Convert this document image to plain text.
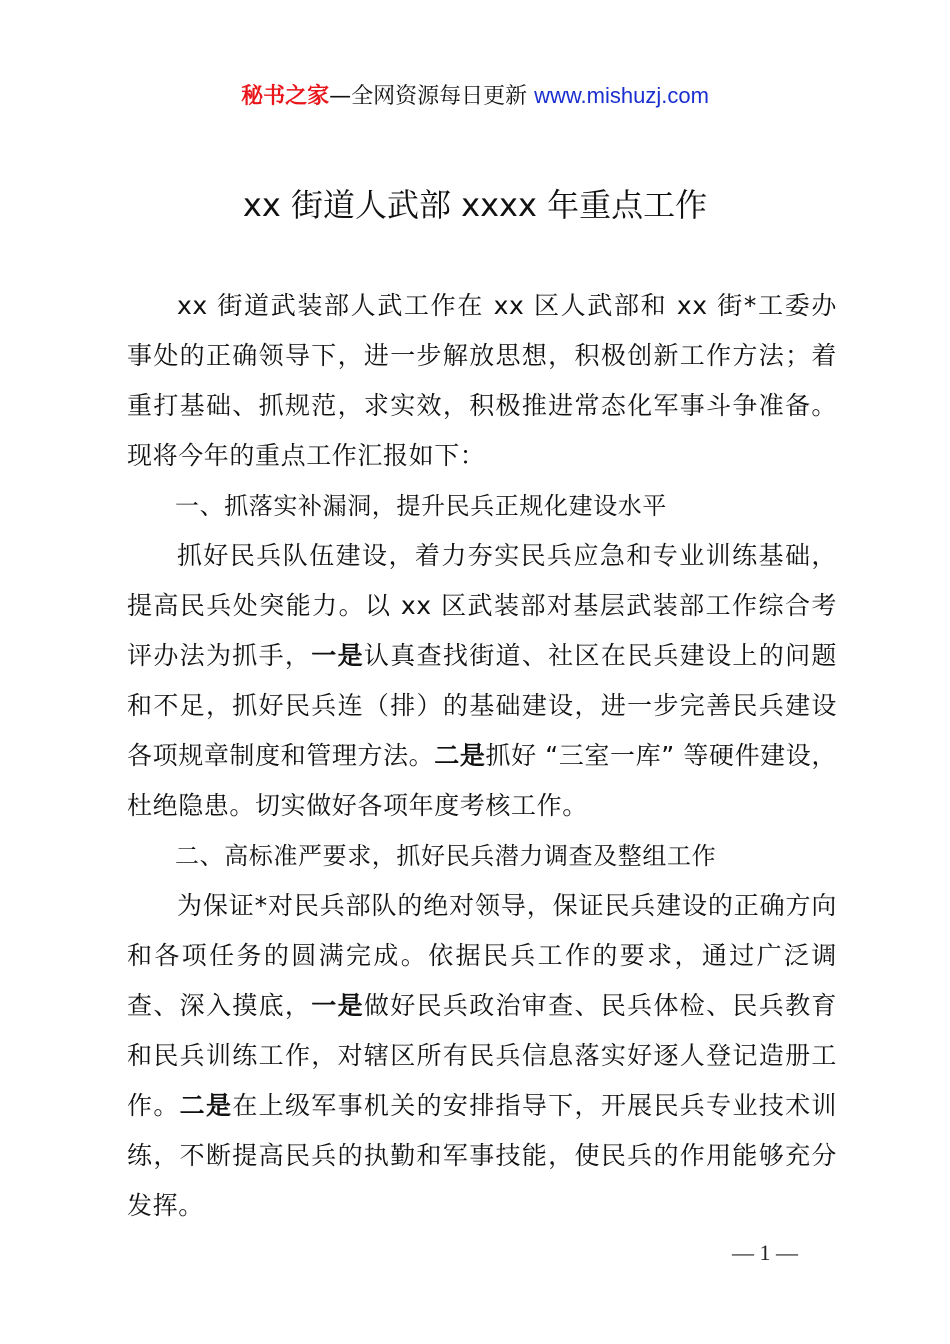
秘书之家—全网资源每日更新 www.mishuzj.com
xx 街道人武部 xxxx 年重点工作

xx 街道武装部人武工作在 xx 区人武部和 xx 街*工委办事处的正确领导下，进一步解放思想，积极创新工作方法；着重打基础、抓规范，求实效，积极推进常态化军事斗争准备。现将今年的重点工作汇报如下：

一、抓落实补漏洞，提升民兵正规化建设水平

抓好民兵队伍建设，着力夯实民兵应急和专业训练基础，提高民兵处突能力。以 xx 区武装部对基层武装部工作综合考评办法为抓手，一是认真查找街道、社区在民兵建设上的问题和不足，抓好民兵连（排）的基础建设，进一步完善民兵建设各项规章制度和管理方法。二是抓好 “三室一库” 等硬件建设，杜绝隐患。切实做好各项年度考核工作。

二、高标准严要求，抓好民兵潜力调查及整组工作

为保证*对民兵部队的绝对领导，保证民兵建设的正确方向和各项任务的圆满完成。依据民兵工作的要求，通过广泛调查、深入摸底，一是做好民兵政治审查、民兵体检、民兵教育和民兵训练工作，对辖区所有民兵信息落实好逐人登记造册工作。二是在上级军事机关的安排指导下，开展民兵专业技术训练，不断提高民兵的执勤和军事技能，使民兵的作用能够充分发挥。

— 1 —
